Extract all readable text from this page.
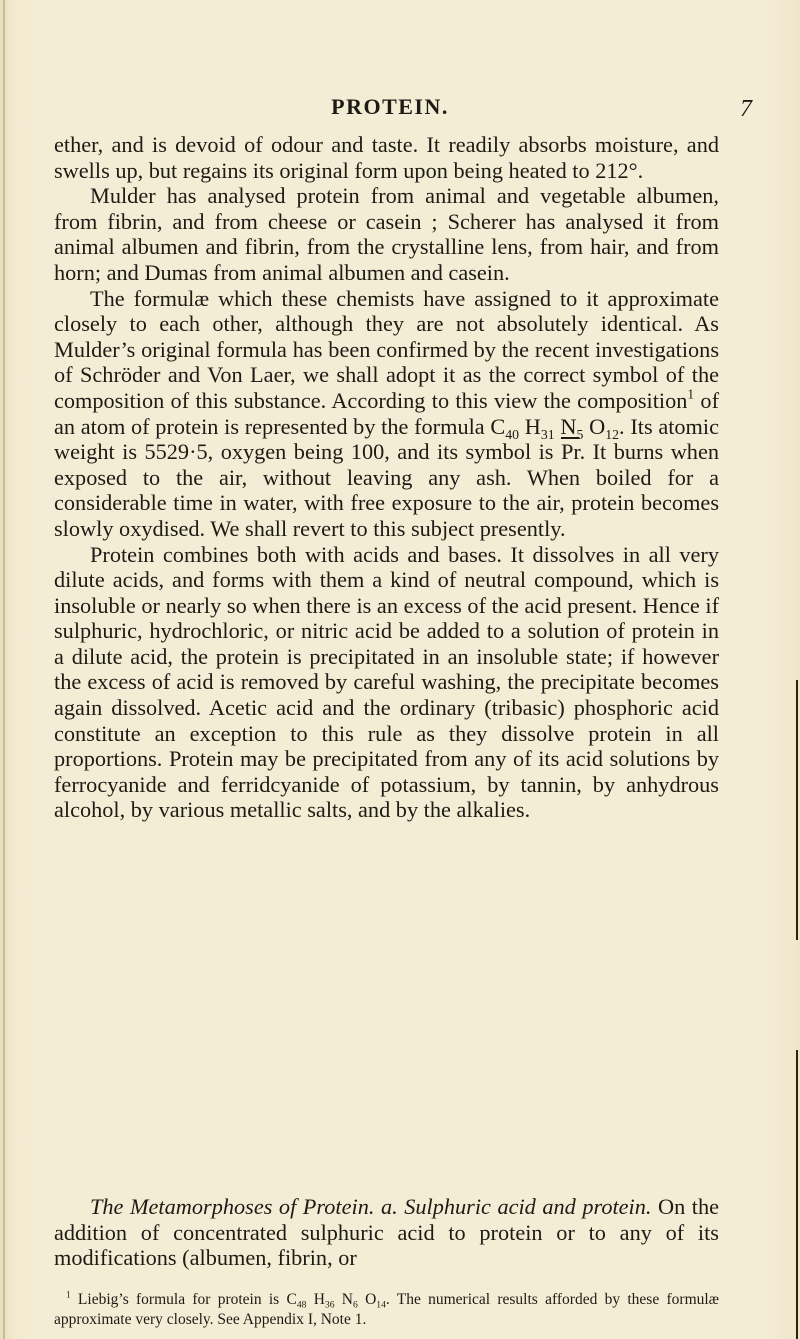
PROTEIN.	7

ether, and is devoid of odour and taste. It readily absorbs moisture, and swells up, but regains its original form upon being heated to 212°.

Mulder has analysed protein from animal and vegetable albumen, from fibrin, and from cheese or casein ; Scherer has analysed it from animal albumen and fibrin, from the crystalline lens, from hair, and from horn; and Dumas from animal albumen and casein.

The formulæ which these chemists have assigned to it approximate closely to each other, although they are not absolutely identical. As Mulder’s original formula has been confirmed by the recent investigations of Schröder and Von Laer, we shall adopt it as the correct symbol of the composition of this substance. According to this view the composition$^1$ of an atom of protein is represented by the formula $C_{40}$ $H_{31}$ $N_5$ $O_{12}$. Its atomic weight is 5529·5, oxygen being 100, and its symbol is $\overline{Pr}$. It burns when exposed to the air, without leaving any ash. When boiled for a considerable time in water, with free exposure to the air, protein becomes slowly oxydised. We shall revert to this subject presently.

Protein combines both with acids and bases. It dissolves in all very dilute acids, and forms with them a kind of neutral compound, which is insoluble or nearly so when there is an excess of the acid present. Hence if sulphuric, hydrochloric, or nitric acid be added to a solution of protein in a dilute acid, the protein is precipitated in an insoluble state; if however the excess of acid is removed by careful washing, the precipitate becomes again dissolved. Acetic acid and the ordinary (tribasic) phosphoric acid constitute an exception to this rule as they dissolve protein in all proportions. Protein may be precipitated from any of its acid solutions by ferrocyanide and ferridcyanide of potassium, by tannin, by anhydrous alcohol, by various metallic salts, and by the alkalies.

The Metamorphoses of Protein. a. Sulphuric acid and protein. On the addition of concentrated sulphuric acid to protein or to any of its modifications (albumen, fibrin, or

$^1$ Liebig’s formula for protein is $C_{48}$ $H_{36}$ $N_6$ $O_{14}$. The numerical results afforded by these formulæ approximate very closely. See Appendix I, Note 1.
